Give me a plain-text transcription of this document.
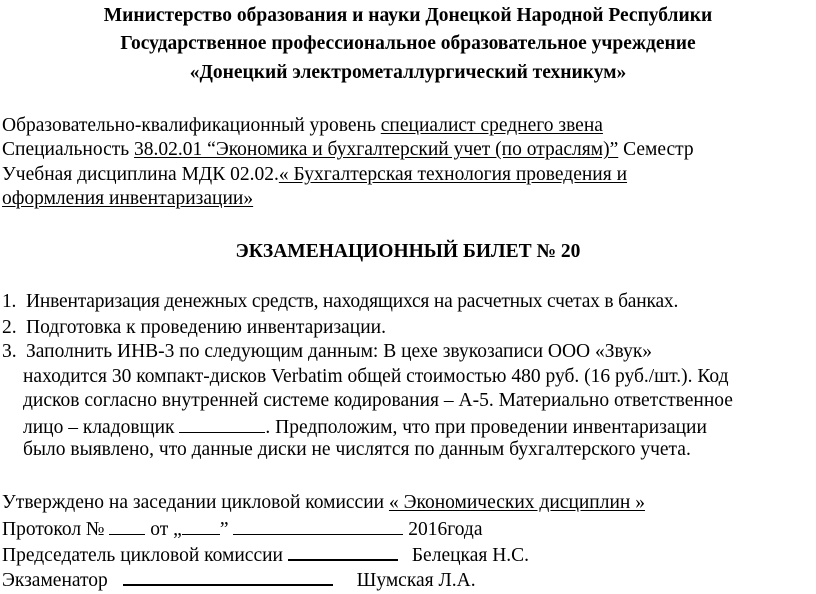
Министерство образования и науки Донецкой Народной Республики
Государственное профессиональное образовательное учреждение
«Донецкий электрометаллургический техникум»
Образовательно-квалификационный уровень специалист среднего звена
Специальность 38.02.01 “Экономика и бухгалтерский учет (по отраслям)” Семестр
Учебная дисциплина МДК 02.02.« Бухгалтерская технология проведения и
оформления инвентаризации»
ЭКЗАМЕНАЦИОННЫЙ БИЛЕТ № 20
1. Инвентаризация денежных средств, находящихся на расчетных счетах в банках.
2. Подготовка к проведению инвентаризации.
3. Заполнить ИНВ-3 по следующим данным: В цехе звукозаписи ООО «Звук»
находится 30 компакт-дисков Verbatim общей стоимостью 480 руб. (16 руб./шт.). Код
дисков согласно внутренней системе кодирования – А-5. Материально ответственное
лицо – кладовщик	. Предположим, что при проведении инвентаризации
было выявлено, что данные диски не числятся по данным бухгалтерского учета.
Утверждено на заседании цикловой комиссии « Экономических дисциплин »
Протокол №  от „ ”	2016года
Председатель цикловой комиссии	Белецкая Н.С.
Экзаменатор	Шумская Л.А.
